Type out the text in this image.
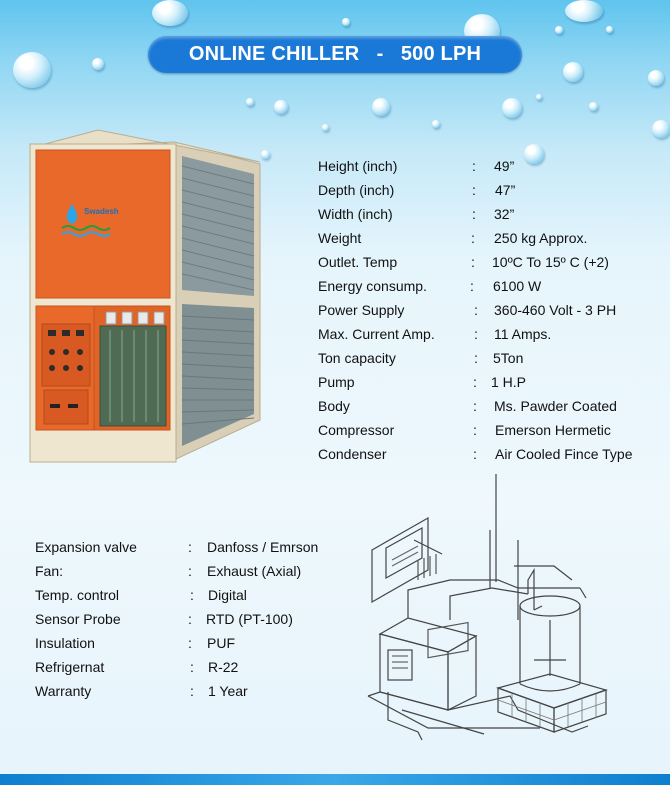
ONLINE CHILLER   -   500 LPH
Swadesh
Height (inch)	: 49”
Depth (inch)	: 47”
Width (inch)	: 32”
Weight	: 250 kg Approx.
Outlet. Temp	: 10ºC To 15º C (+2)
Energy consump.	: 6100 W
Power Supply	: 360-460 Volt - 3 PH
Max. Current Amp.	: 11 Amps.
Ton capacity	: 5Ton
Pump	: 1 H.P
Body	: Ms. Pawder Coated
Compressor	: Emerson Hermetic
Condenser	: Air Cooled Fince Type
Expansion valve	: Danfoss / Emrson
Fan:	: Exhaust (Axial)
Temp. control	: Digital
Sensor Probe	: RTD (PT-100)
Insulation	: PUF
Refrigernat	: R-22
Warranty	: 1 Year
